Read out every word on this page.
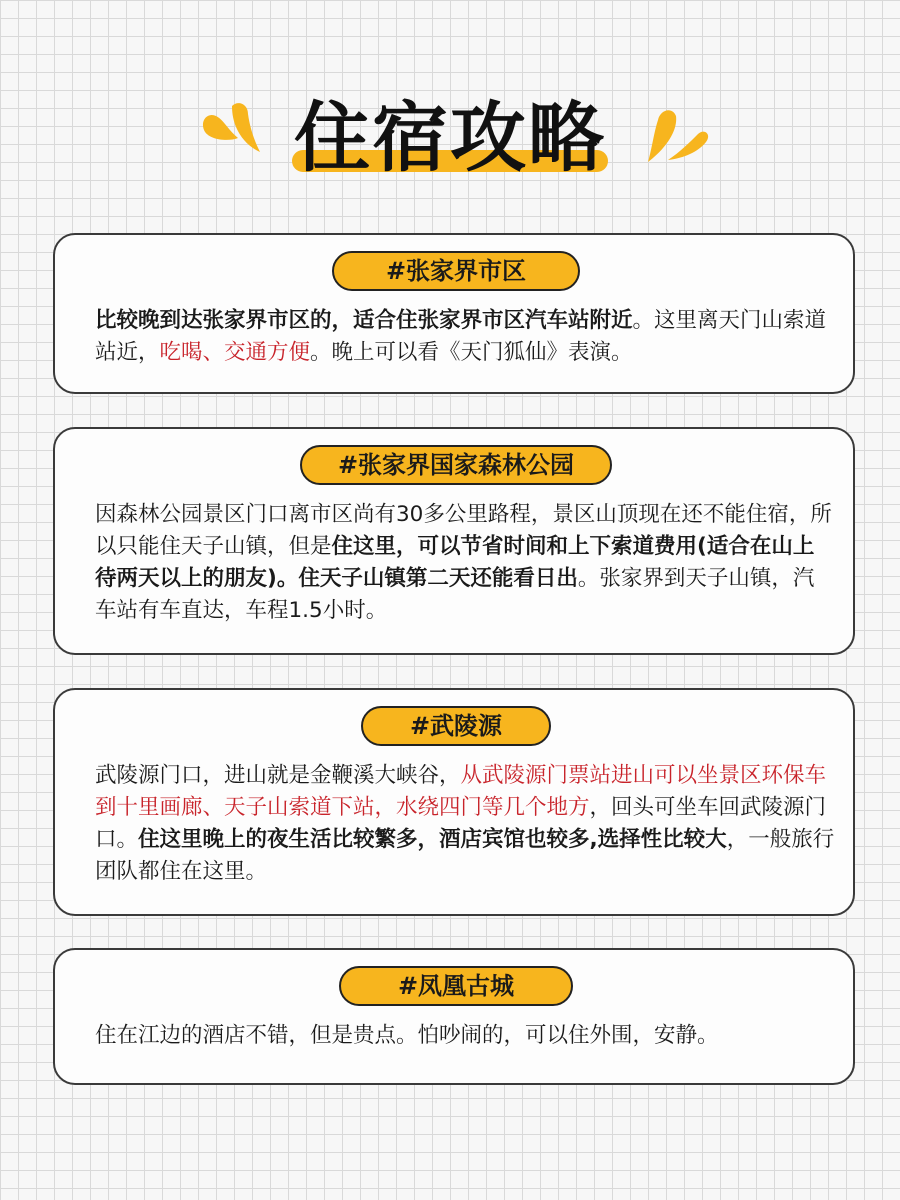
住宿攻略
#张家界市区

比较晚到达张家界市区的，适合住张家界市区汽车站附近。这里离天门山索道站近，吃喝、交通方便。晚上可以看《天门狐仙》表演。

#张家界国家森林公园

因森林公园景区门口离市区尚有30多公里路程，景区山顶现在还不能住宿，所以只能住天子山镇，但是住这里，可以节省时间和上下索道费用(适合在山上待两天以上的朋友)。住天子山镇第二天还能看日出。张家界到天子山镇，汽车站有车直达，车程1.5小时。

#武陵源

武陵源门口，进山就是金鞭溪大峡谷，从武陵源门票站进山可以坐景区环保车到十里画廊、天子山索道下站，水绕四门等几个地方，回头可坐车回武陵源门口。住这里晚上的夜生活比较繁多，酒店宾馆也较多,选择性比较大，一般旅行团队都住在这里。

#凤凰古城

住在江边的酒店不错，但是贵点。怕吵闹的，可以住外围，安静。
